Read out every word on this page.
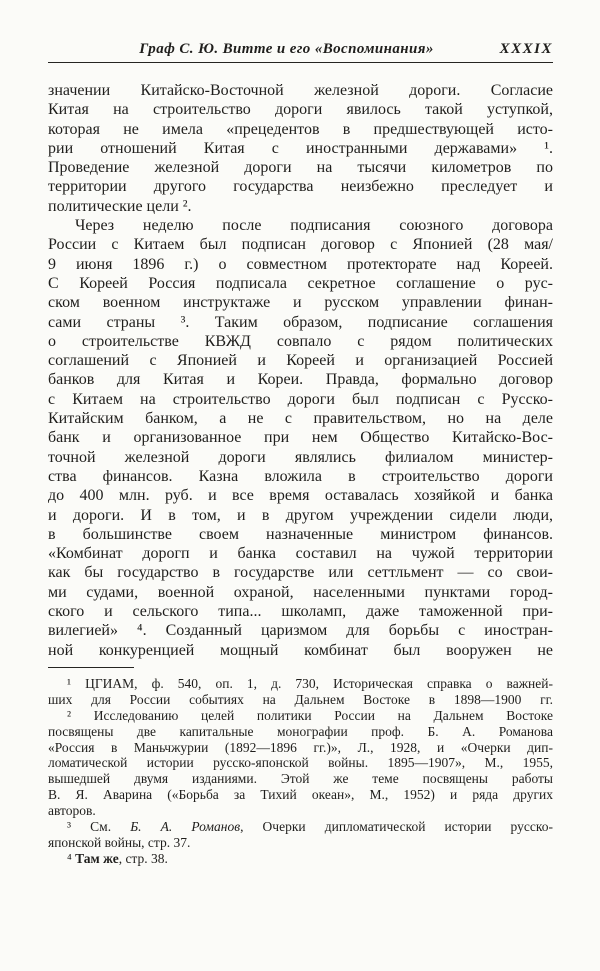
Граф С. Ю. Витте и его «Воспоминания»	XXXIX
значении Китайско-Восточной железной дороги. Согласие
Китая на строительство дороги явилось такой уступкой,
которая не имела «прецедентов в предшествующей исто-
рии отношений Китая с иностранными державами» ¹.
Проведение железной дороги на тысячи километров по
территории другого государства неизбежно преследует и
политические цели ².
Через неделю после подписания союзного договора
России с Китаем был подписан договор с Японией (28 мая/
9 июня 1896 г.) о совместном протекторате над Кореей.
С Кореей Россия подписала секретное соглашение о рус-
ском военном инструктаже и русском управлении финан-
сами страны ³. Таким образом, подписание соглашения
о строительстве КВЖД совпало с рядом политических
соглашений с Японией и Кореей и организацией Россией
банков для Китая и Кореи. Правда, формально договор
с Китаем на строительство дороги был подписан с Русско-
Китайским банком, а не с правительством, но на деле
банк и организованное при нем Общество Китайско-Вос-
точной железной дороги являлись филиалом министер-
ства финансов. Казна вложила в строительство дороги
до 400 млн. руб. и все время оставалась хозяйкой и банка
и дороги. И в том, и в другом учреждении сидели люди,
в большинстве своем назначенные министром финансов.
«Комбинат дорогп и банка составил на чужой территории
как бы государство в государстве или сеттльмент — со свои-
ми судами, военной охраной, населенными пунктами город-
ского и сельского типа... школамп, даже таможенной при-
вилегией» ⁴. Созданный царизмом для борьбы с иностран-
ной конкуренцией мощный комбинат был вооружен не
¹ ЦГИАМ, ф. 540, оп. 1, д. 730, Историческая справка о важней-
ших для России событиях на Дальнем Востоке в 1898—1900 гг.
² Исследованию целей политики России на Дальнем Востоке
посвящены две капитальные монографии проф. Б. А. Романова
«Россия в Маньчжурии (1892—1896 гг.)», Л., 1928, и «Очерки дип-
ломатической истории русско-японской войны. 1895—1907», М., 1955,
вышедшей двумя изданиями. Этой же теме посвящены работы
В. Я. Аварина («Борьба за Тихий океан», М., 1952) и ряда других
авторов.
³ См. Б. А. Романов, Очерки дипломатической истории русско-
японской войны, стр. 37.
⁴ Там же, стр. 38.
